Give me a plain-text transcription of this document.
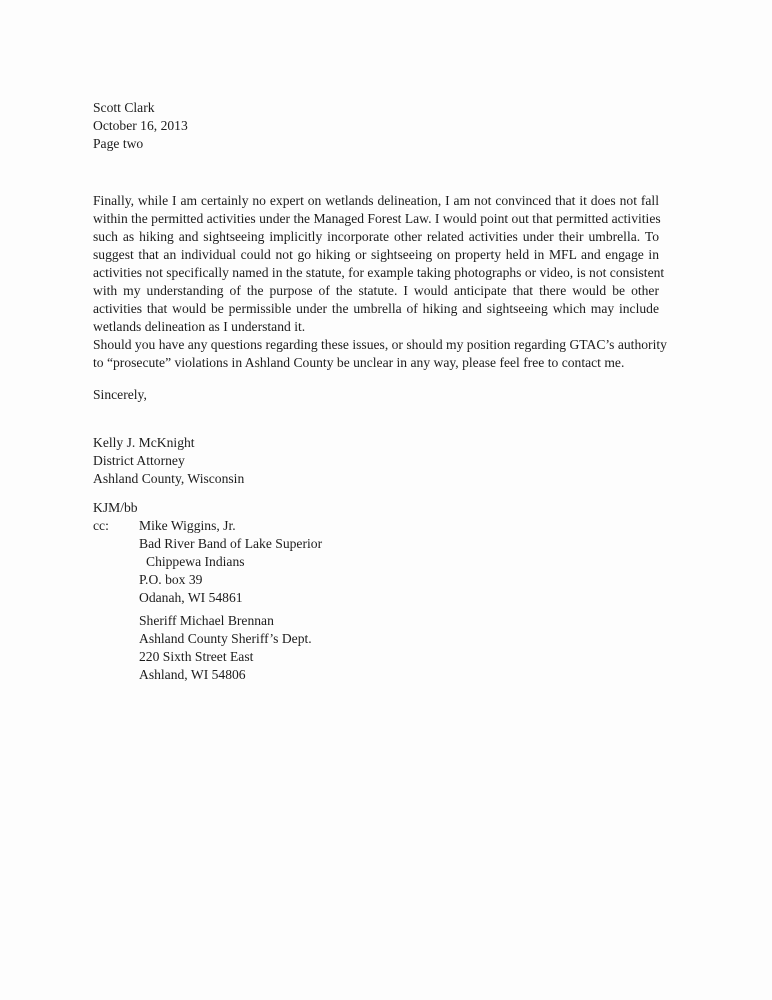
Scott Clark
October 16, 2013
Page two
Finally, while I am certainly no expert on wetlands delineation, I am not convinced that it does not fall
within the permitted activities under the Managed Forest Law. I would point out that permitted activities
such as hiking and sightseeing implicitly incorporate other related activities under their umbrella. To
suggest that an individual could not go hiking or sightseeing on property held in MFL and engage in
activities not specifically named in the statute, for example taking photographs or video, is not consistent
with my understanding of the purpose of the statute. I would anticipate that there would be other
activities that would be permissible under the umbrella of hiking and sightseeing which may include
wetlands delineation as I understand it.
Should you have any questions regarding these issues, or should my position regarding GTAC’s authority
to “prosecute” violations in Ashland County be unclear in any way, please feel free to contact me.
Sincerely,
Kelly J. McKnight
District Attorney
Ashland County, Wisconsin
KJM/bb
cc: Mike Wiggins, Jr.
Bad River Band of Lake Superior
Chippewa Indians
P.O. box 39
Odanah, WI 54861
Sheriff Michael Brennan
Ashland County Sheriff’s Dept.
220 Sixth Street East
Ashland, WI 54806
